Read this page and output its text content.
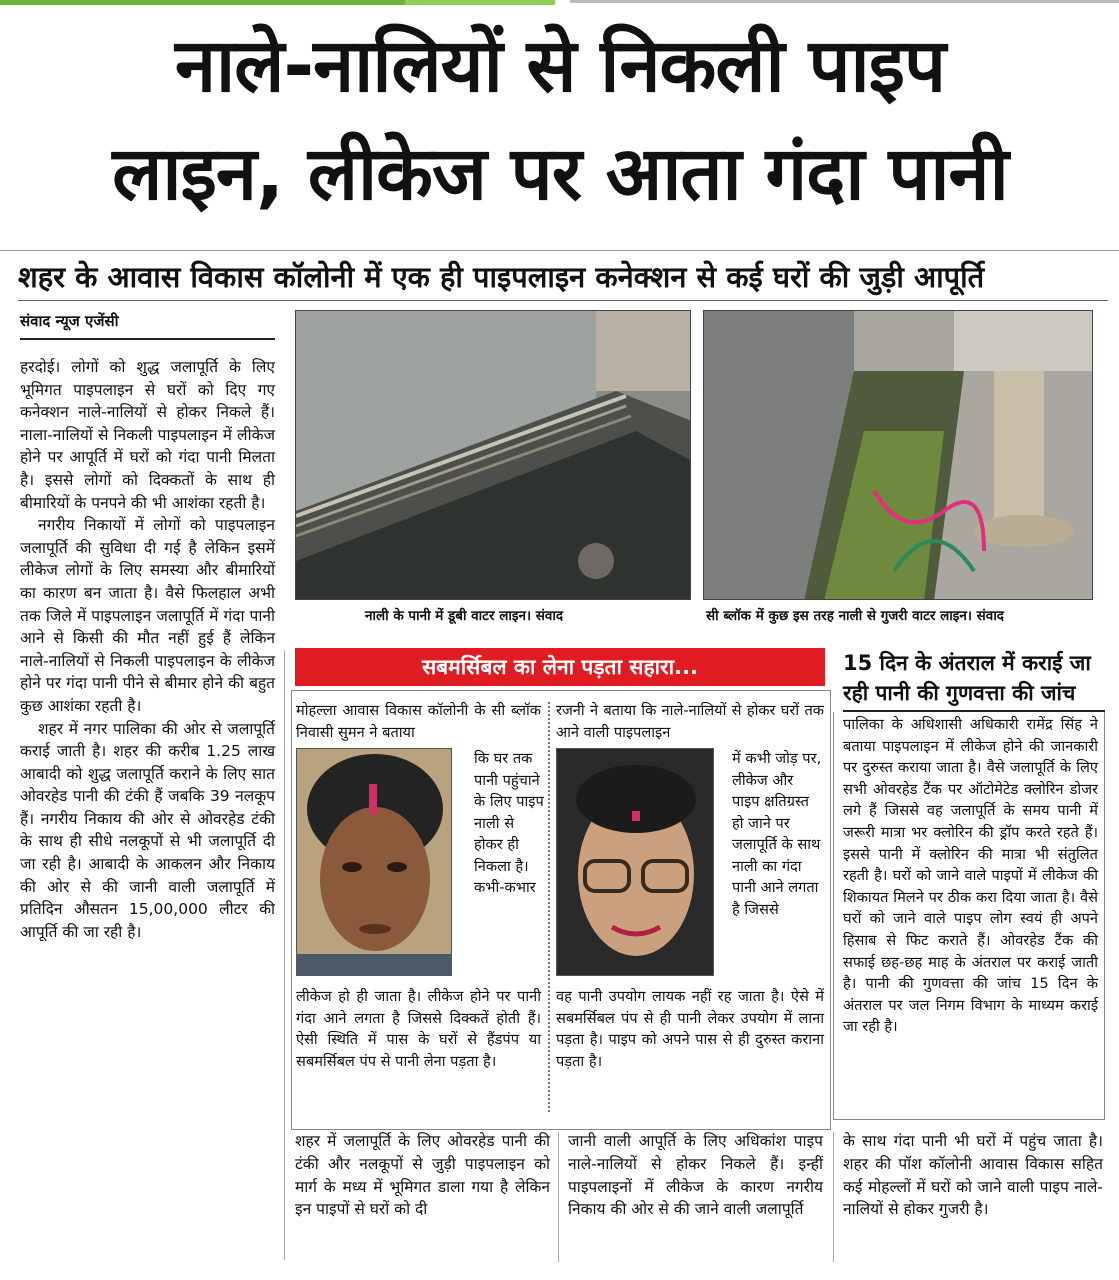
नाले-नालियों से निकली पाइप
लाइन, लीकेज पर आता गंदा पानी
शहर के आवास विकास कॉलोनी में एक ही पाइपलाइन कनेक्शन से कई घरों की जुड़ी आपूर्ति
संवाद न्यूज एजेंसी

हरदोई। लोगों को शुद्ध जलापूर्ति के लिए भूमिगत पाइपलाइन से घरों को दिए गए कनेक्शन नाले-नालियों से होकर निकले हैं। नाला-नालियों से निकली पाइपलाइन में लीकेज होने पर आपूर्ति में घरों को गंदा पानी मिलता है। इससे लोगों को दिक्कतों के साथ ही बीमारियों के पनपने की भी आशंका रहती है।

नगरीय निकायों में लोगों को पाइपलाइन जलापूर्ति की सुविधा दी गई है लेकिन इसमें लीकेज लोगों के लिए समस्या और बीमारियों का कारण बन जाता है। वैसे फिलहाल अभी तक जिले में पाइपलाइन जलापूर्ति में गंदा पानी आने से किसी की मौत नहीं हुई हैं लेकिन नाले-नालियों से निकली पाइपलाइन के लीकेज होने पर गंदा पानी पीने से बीमार होने की बहुत कुछ आशंका रहती है।

शहर में नगर पालिका की ओर से जलापूर्ति कराई जाती है। शहर की करीब 1.25 लाख आबादी को शुद्ध जलापूर्ति कराने के लिए सात ओवरहेड पानी की टंकी हैं जबकि 39 नलकूप हैं। नगरीय निकाय की ओर से ओवरहेड टंकी के साथ ही सीधे नलकूपों से भी जलापूर्ति दी जा रही है। आबादी के आकलन और निकाय की ओर से की जानी वाली जलापूर्ति में प्रतिदिन औसतन 15,00,000 लीटर की आपूर्ति की जा रही है।

नाली के पानी में डूबी वाटर लाइन। संवाद	सी ब्लॉक में कुछ इस तरह नाली से गुजरी वाटर लाइन। संवाद
सबमर्सिबल का लेना पड़ता सहारा...
मोहल्ला आवास विकास कॉलोनी के सी ब्लॉक निवासी सुमन ने बताया
कि घर तक पानी पहुंचाने के लिए पाइप नाली से होकर ही निकला है। कभी-कभार
लीकेज हो ही जाता है। लीकेज होने पर पानी गंदा आने लगता है जिससे दिक्कतें होती हैं। ऐसी स्थिति में पास के घरों से हैंडपंप या सबमर्सिबल पंप से पानी लेना पड़ता है।
रजनी ने बताया कि नाले-नालियों से होकर घरों तक आने वाली पाइपलाइन
में कभी जोड़ पर, लीकेज और पाइप क्षतिग्रस्त हो जाने पर जलापूर्ति के साथ नाली का गंदा पानी आने लगता है जिससे
वह पानी उपयोग लायक नहीं रह जाता है। ऐसे में सबमर्सिबल पंप से ही पानी लेकर उपयोग में लाना पड़ता है। पाइप को अपने पास से ही दुरुस्त कराना पड़ता है।
15 दिन के अंतराल में कराई जा रही पानी की गुणवत्ता की जांच
पालिका के अधिशासी अधिकारी रामेंद्र सिंह ने बताया पाइपलाइन में लीकेज होने की जानकारी पर दुरुस्त कराया जाता है। वैसे जलापूर्ति के लिए सभी ओवरहेड टैंक पर ऑटोमेटेड क्लोरिन डोजर लगे हैं जिससे वह जलापूर्ति के समय पानी में जरूरी मात्रा भर क्लोरिन की ड्रॉप करते रहते हैं। इससे पानी में क्लोरिन की मात्रा भी संतुलित रहती है। घरों को जाने वाले पाइपों में लीकेज की शिकायत मिलने पर ठीक करा दिया जाता है। वैसे घरों को जाने वाले पाइप लोग स्वयं ही अपने हिसाब से फिट कराते हैं। ओवरहेड टैंक की सफाई छह-छह माह के अंतराल पर कराई जाती है। पानी की गुणवत्ता की जांच 15 दिन के अंतराल पर जल निगम विभाग के माध्यम कराई जा रही है।
शहर में जलापूर्ति के लिए ओवरहेड पानी की टंकी और नलकूपों से जुड़ी पाइपलाइन को मार्ग के मध्य में भूमिगत डाला गया है लेकिन इन पाइपों से घरों को दी
जानी वाली आपूर्ति के लिए अधिकांश पाइप नाले-नालियों से होकर निकले हैं। इन्हीं पाइपलाइनों में लीकेज के कारण नगरीय निकाय की ओर से की जाने वाली जलापूर्ति
के साथ गंदा पानी भी घरों में पहुंच जाता है। शहर की पॉश कॉलोनी आवास विकास सहित कई मोहल्लों में घरों को जाने वाली पाइप नाले-नालियों से होकर गुजरी है।
